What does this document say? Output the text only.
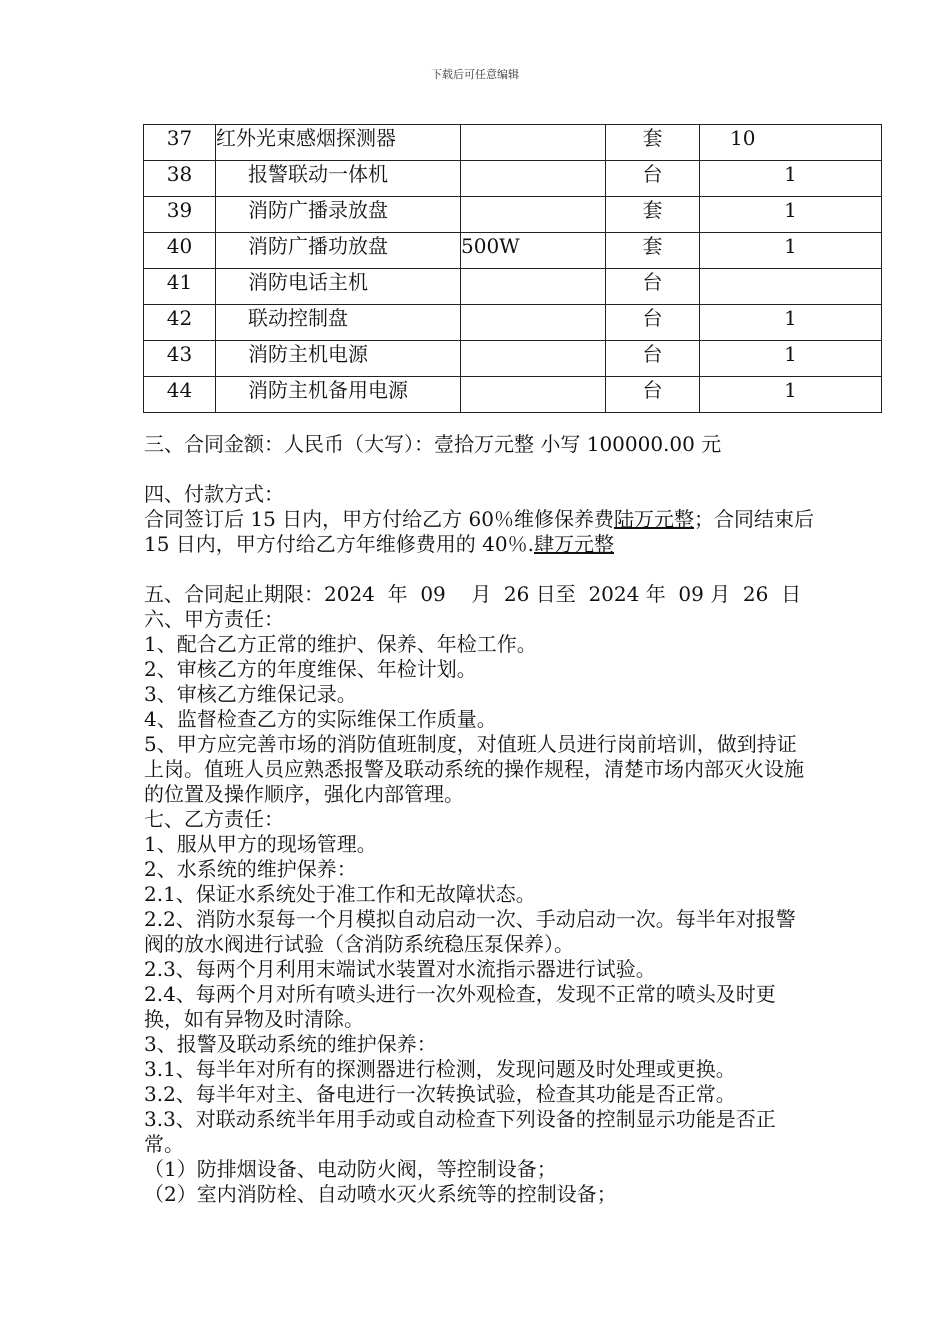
下载后可任意编辑
37	红外光束感烟探测器		套	10
38	报警联动一体机		台	1
39	消防广播录放盘		套	1
40	消防广播功放盘	500W	套	1
41	消防电话主机		台	
42	联动控制盘		台	1
43	消防主机电源		台	1
44	消防主机备用电源		台	1

三、合同金额：人民币（大写）：壹拾万元整 小写 100000.00 元

四、付款方式：

合同签订后 15 日内，甲方付给乙方 60％维修保养费陆万元整；合同结束后 15 日内，甲方付给乙方年维修费用的 40％.肆万元整

五、合同起止期限：2024  年  09    月  26 日至  2024 年  09 月  26  日

六、甲方责任：

1、配合乙方正常的维护、保养、年检工作。

2、审核乙方的年度维保、年检计划。

3、审核乙方维保记录。

4、监督检查乙方的实际维保工作质量。

5、甲方应完善市场的消防值班制度，对值班人员进行岗前培训，做到持证上岗。值班人员应熟悉报警及联动系统的操作规程，清楚市场内部灭火设施的位置及操作顺序，强化内部管理。

七、乙方责任：

1、服从甲方的现场管理。

2、水系统的维护保养：

2.1、保证水系统处于准工作和无故障状态。

2.2、消防水泵每一个月模拟自动启动一次、手动启动一次。每半年对报警阀的放水阀进行试验（含消防系统稳压泵保养）。

2.3、每两个月利用末端试水装置对水流指示器进行试验。

2.4、每两个月对所有喷头进行一次外观检查，发现不正常的喷头及时更换，如有异物及时清除。

3、报警及联动系统的维护保养：

3.1、每半年对所有的探测器进行检测，发现问题及时处理或更换。

3.2、每半年对主、备电进行一次转换试验，检查其功能是否正常。

3.3、对联动系统半年用手动或自动检查下列设备的控制显示功能是否正常。

（1）防排烟设备、电动防火阀，等控制设备；

（2）室内消防栓、自动喷水灭火系统等的控制设备；
